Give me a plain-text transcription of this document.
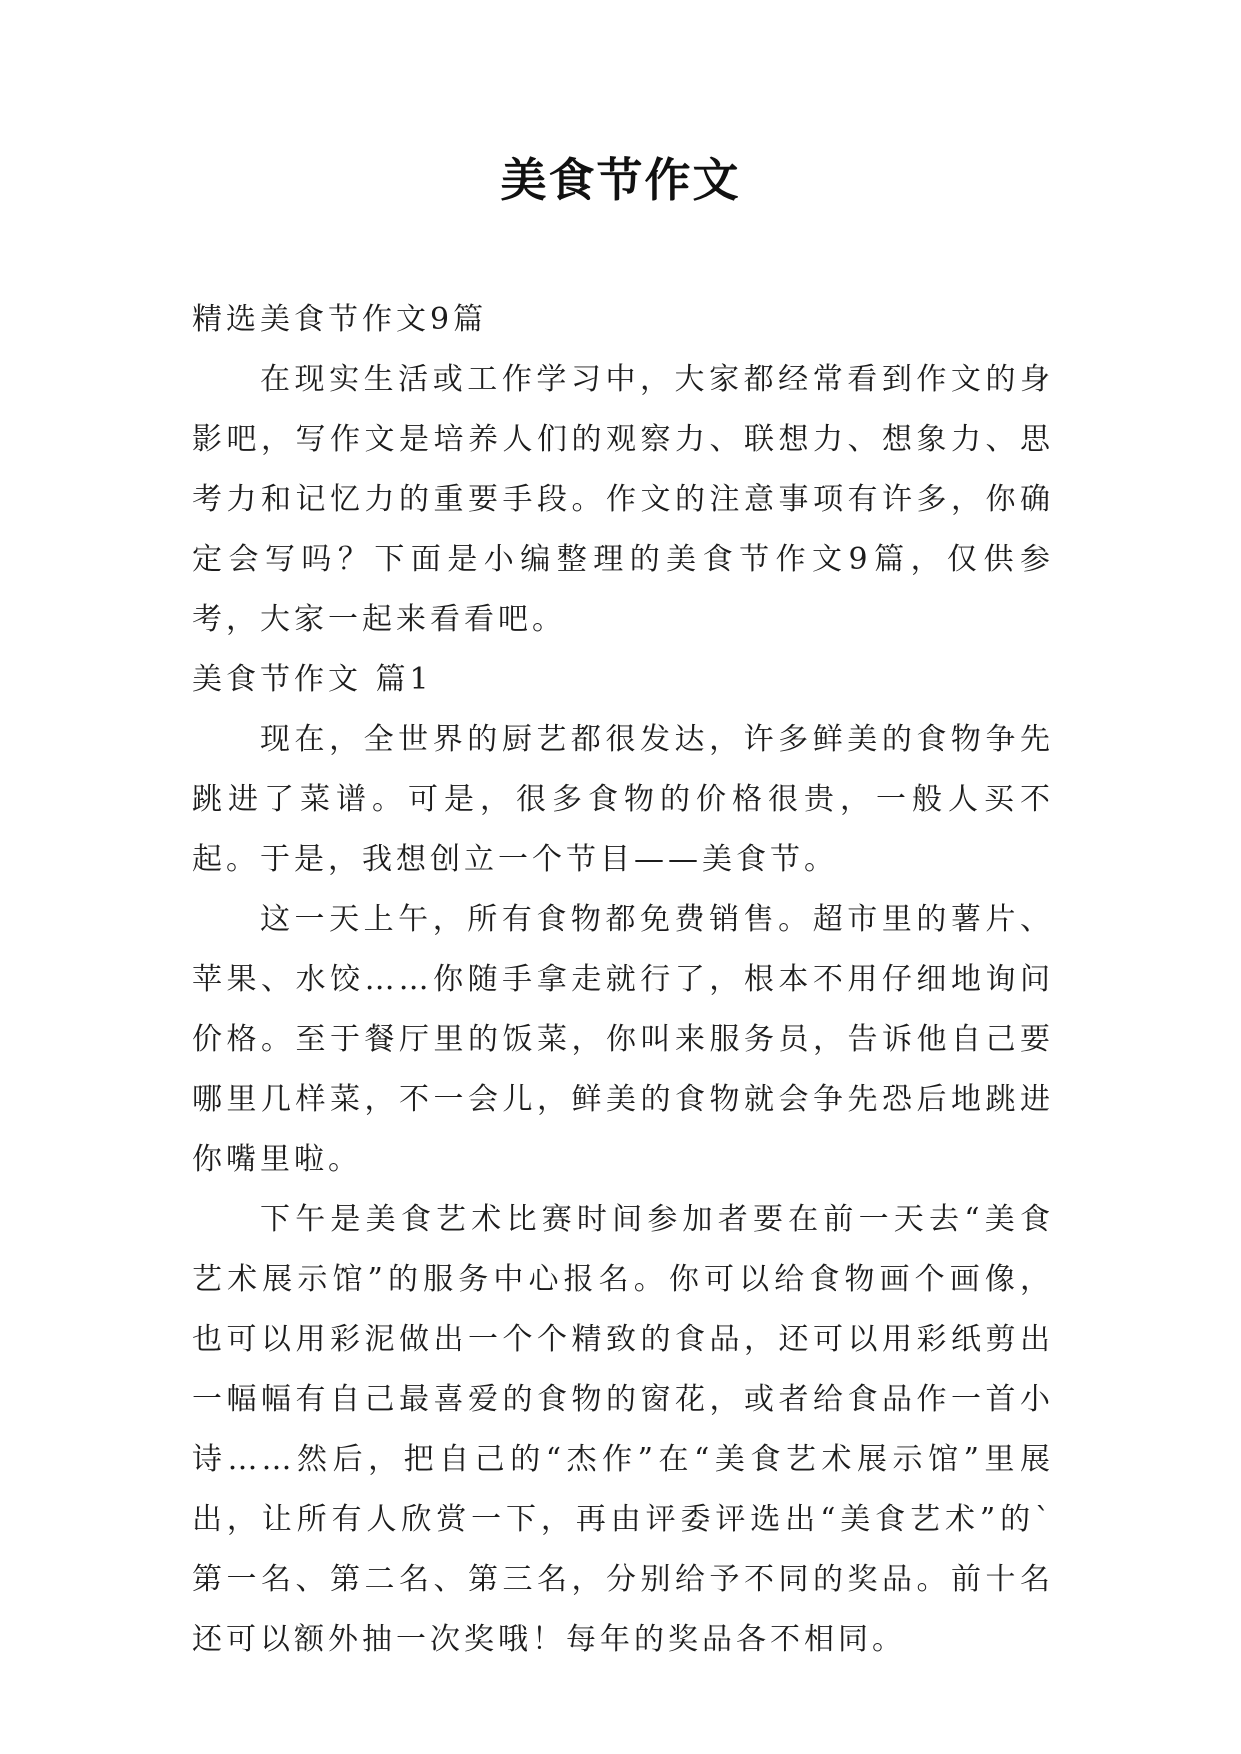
美食节作文

精选美食节作文9篇

在现实生活或工作学习中，大家都经常看到作文的身影吧，写作文是培养人们的观察力、联想力、想象力、思考力和记忆力的重要手段。作文的注意事项有许多，你确定会写吗？下面是小编整理的美食节作文9篇，仅供参考，大家一起来看看吧。

美食节作文 篇1

现在，全世界的厨艺都很发达，许多鲜美的食物争先跳进了菜谱。可是，很多食物的价格很贵，一般人买不起。于是，我想创立一个节目——美食节。

这一天上午，所有食物都免费销售。超市里的薯片、苹果、水饺……你随手拿走就行了，根本不用仔细地询问价格。至于餐厅里的饭菜，你叫来服务员，告诉他自己要哪里几样菜，不一会儿，鲜美的食物就会争先恐后地跳进你嘴里啦。

下午是美食艺术比赛时间参加者要在前一天去“美食艺术展示馆”的服务中心报名。你可以给食物画个画像，也可以用彩泥做出一个个精致的食品，还可以用彩纸剪出一幅幅有自己最喜爱的食物的窗花，或者给食品作一首小诗……然后，把自己的“杰作”在“美食艺术展示馆”里展出，让所有人欣赏一下，再由评委评选出“美食艺术”的`第一名、第二名、第三名，分别给予不同的奖品。前十名还可以额外抽一次奖哦！每年的奖品各不相同。
